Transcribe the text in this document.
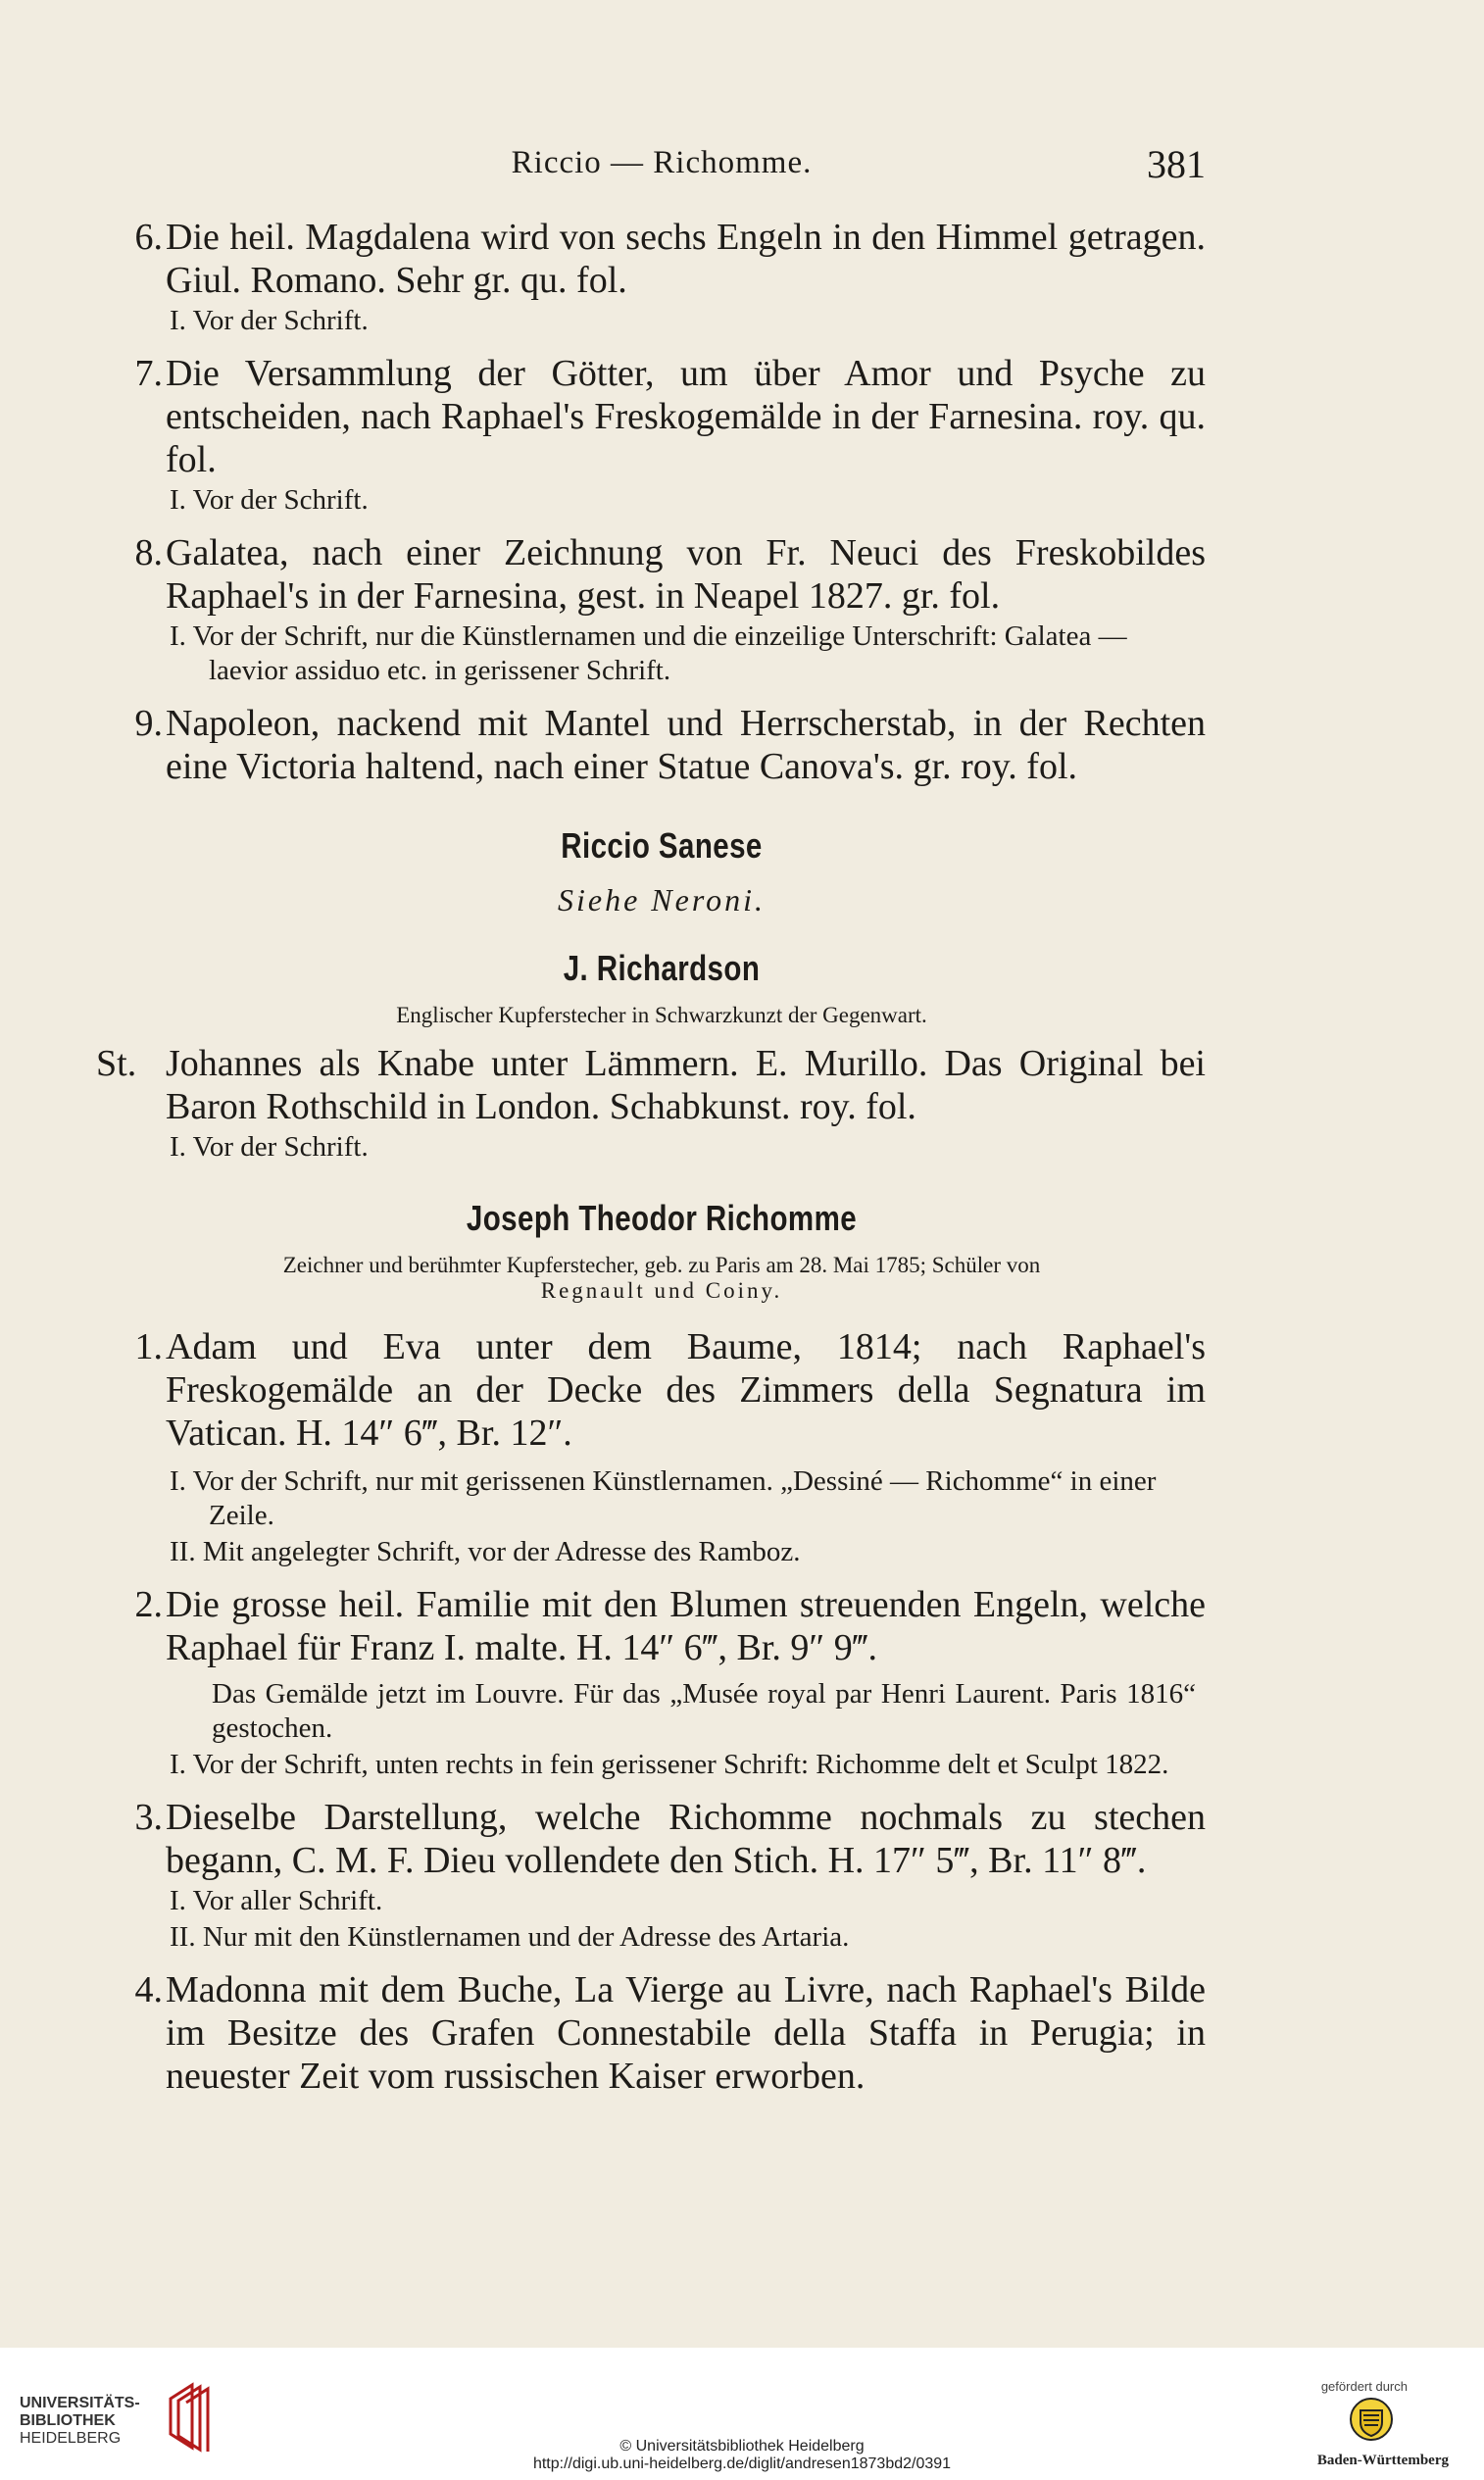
Riccio — Richomme.	381
6. Die heil. Magdalena wird von sechs Engeln in den Himmel getragen. Giul. Romano. Sehr gr. qu. fol.
I. Vor der Schrift.
7. Die Versammlung der Götter, um über Amor und Psyche zu entscheiden, nach Raphael's Freskogemälde in der Farnesina. roy. qu. fol.
I. Vor der Schrift.
8. Galatea, nach einer Zeichnung von Fr. Neuci des Freskobildes Raphael's in der Farnesina, gest. in Neapel 1827. gr. fol.
I. Vor der Schrift, nur die Künstlernamen und die einzeilige Unterschrift: Galatea — laevior assiduo etc. in gerissener Schrift.
9. Napoleon, nackend mit Mantel und Herrscherstab, in der Rechten eine Victoria haltend, nach einer Statue Canova's. gr. roy. fol.
Riccio Sanese
Siehe Neroni.
J. Richardson
Englischer Kupferstecher in Schwarzkunzt der Gegenwart.
St. Johannes als Knabe unter Lämmern. E. Murillo. Das Original bei Baron Rothschild in London. Schabkunst. roy. fol.
I. Vor der Schrift.
Joseph Theodor Richomme
Zeichner und berühmter Kupferstecher, geb. zu Paris am 28. Mai 1785; Schüler von
Regnault und Coiny.
1. Adam und Eva unter dem Baume, 1814; nach Raphael's Freskogemälde an der Decke des Zimmers della Segnatura im Vatican. H. 14″ 6‴, Br. 12″.
I. Vor der Schrift, nur mit gerissenen Künstlernamen. „Dessiné — Richomme“ in einer Zeile.
II. Mit angelegter Schrift, vor der Adresse des Ramboz.
2. Die grosse heil. Familie mit den Blumen streuenden Engeln, welche Raphael für Franz I. malte. H. 14″ 6‴, Br. 9″ 9‴.
Das Gemälde jetzt im Louvre. Für das „Musée royal par Henri Laurent. Paris 1816“ gestochen.
I. Vor der Schrift, unten rechts in fein gerissener Schrift: Richomme delt et Sculpt 1822.
3. Dieselbe Darstellung, welche Richomme nochmals zu stechen begann, C. M. F. Dieu vollendete den Stich. H. 17″ 5‴, Br. 11″ 8‴.
I. Vor aller Schrift.
II. Nur mit den Künstlernamen und der Adresse des Artaria.
4. Madonna mit dem Buche, La Vierge au Livre, nach Raphael's Bilde im Besitze des Grafen Connestabile della Staffa in Perugia; in neuester Zeit vom russischen Kaiser erworben.
UNIVERSITÄTS-
BIBLIOTHEK
HEIDELBERG	© Universitätsbibliothek Heidelberg
http://digi.ub.uni-heidelberg.de/diglit/andresen1873bd2/0391
gefördert durch
Baden-Württemberg
